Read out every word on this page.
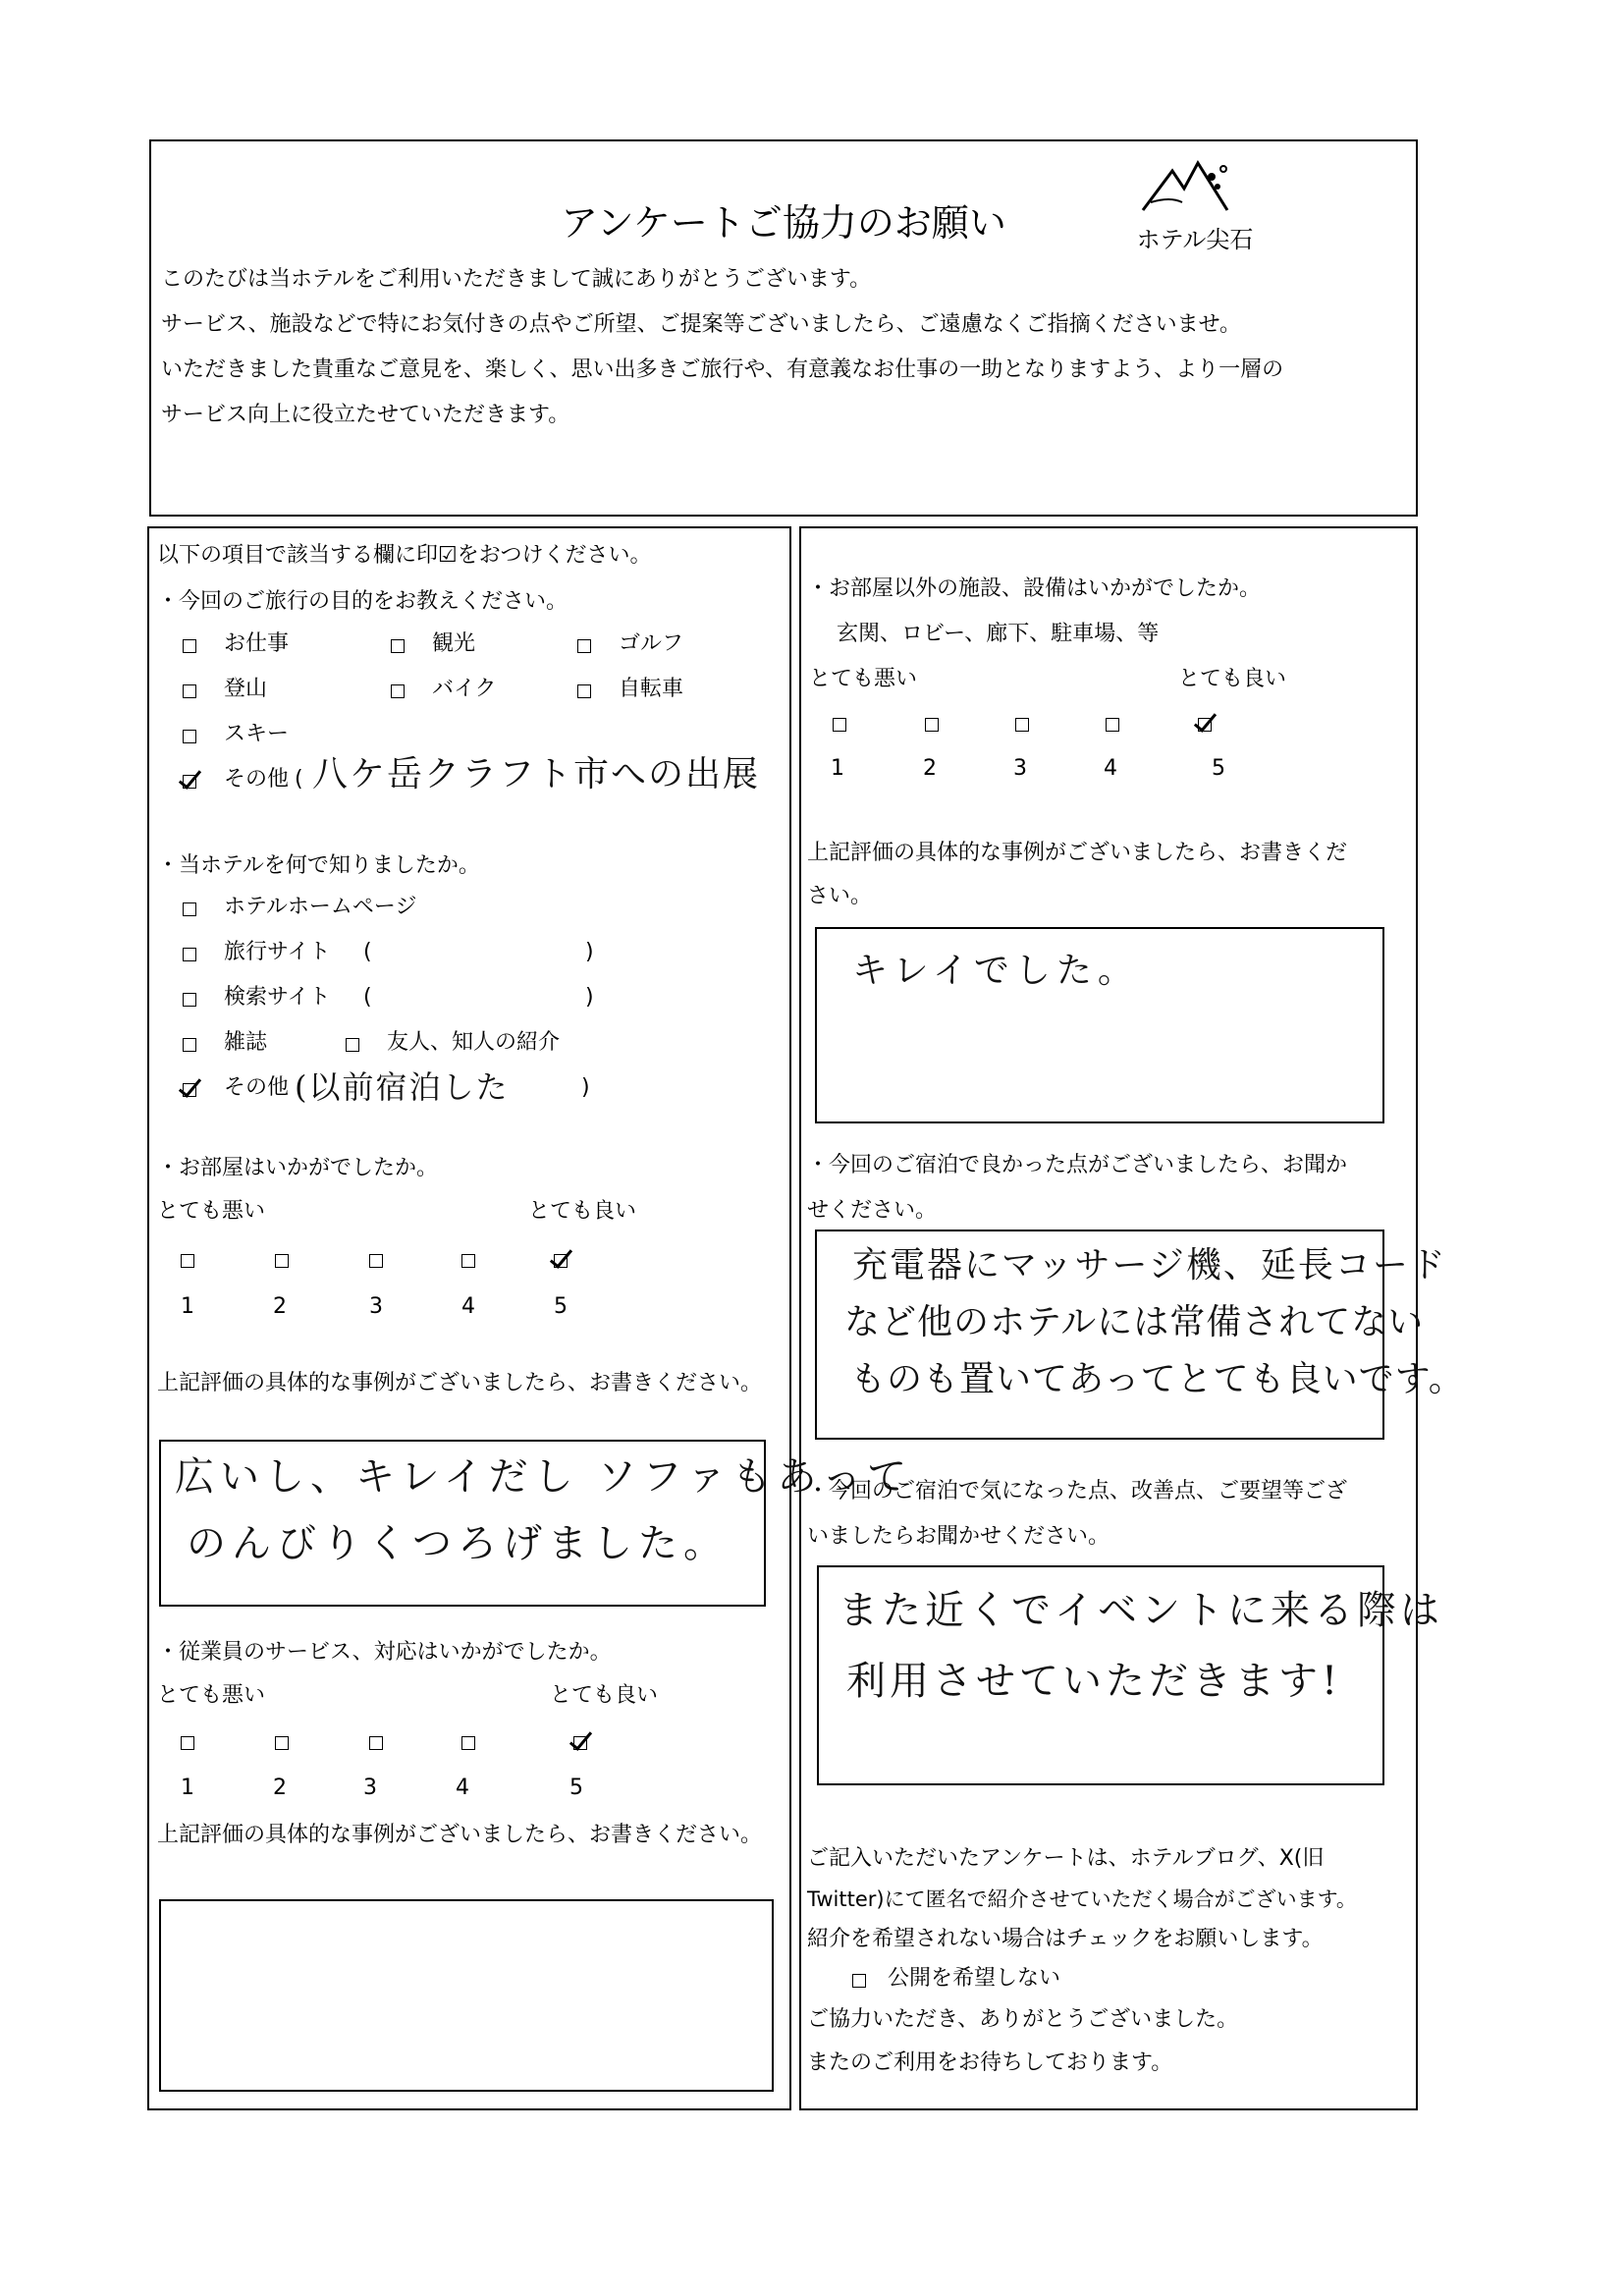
アンケートご協力のお願い	ホテル尖石
このたびは当ホテルをご利用いただきまして誠にありがとうございます。
サービス、施設などで特にお気付きの点やご所望、ご提案等ございましたら、ご遠慮なくご指摘くださいませ。
いただきました貴重なご意見を、楽しく、思い出多きご旅行や、有意義なお仕事の一助となりますよう、より一層の
サービス向上に役立たせていただきます。
以下の項目で該当する欄に印☑をおつけください。
・今回のご旅行の目的をお教えください。
お仕事	観光	ゴルフ
登山	バイク	自転車
スキー
その他 ( 八ケ岳クラフト市への出展
・当ホテルを何で知りましたか。
ホテルホームページ
旅行サイト (	)
検索サイト (	)
雑誌	友人、知人の紹介
その他 (以前宿泊した	)
・お部屋はいかがでしたか。
とても悪い	とても良い
1	2	3	4	5
上記評価の具体的な事例がございましたら、お書きください。
広いし、キレイだし ソファもあって
のんびりくつろげました。
・従業員のサービス、対応はいかがでしたか。
とても悪い	とても良い
1	2	3	4	5
上記評価の具体的な事例がございましたら、お書きください。
・お部屋以外の施設、設備はいかがでしたか。
玄関、ロビー、廊下、駐車場、等
とても悪い	とても良い
1	2	3	4	5
上記評価の具体的な事例がございましたら、お書きくだ
さい。
キレイでした。
・今回のご宿泊で良かった点がございましたら、お聞か
せください。
充電器にマッサージ機、延長コード
など他のホテルには常備されてない
ものも置いてあってとても良いです。
・今回のご宿泊で気になった点、改善点、ご要望等ござ
いましたらお聞かせください。
また近くでイベントに来る際は
利用させていただきます!
ご記入いただいたアンケートは、ホテルブログ、X(旧
Twitter)にて匿名で紹介させていただく場合がございます。
紹介を希望されない場合はチェックをお願いします。
公開を希望しない
ご協力いただき、ありがとうございました。
またのご利用をお待ちしております。
